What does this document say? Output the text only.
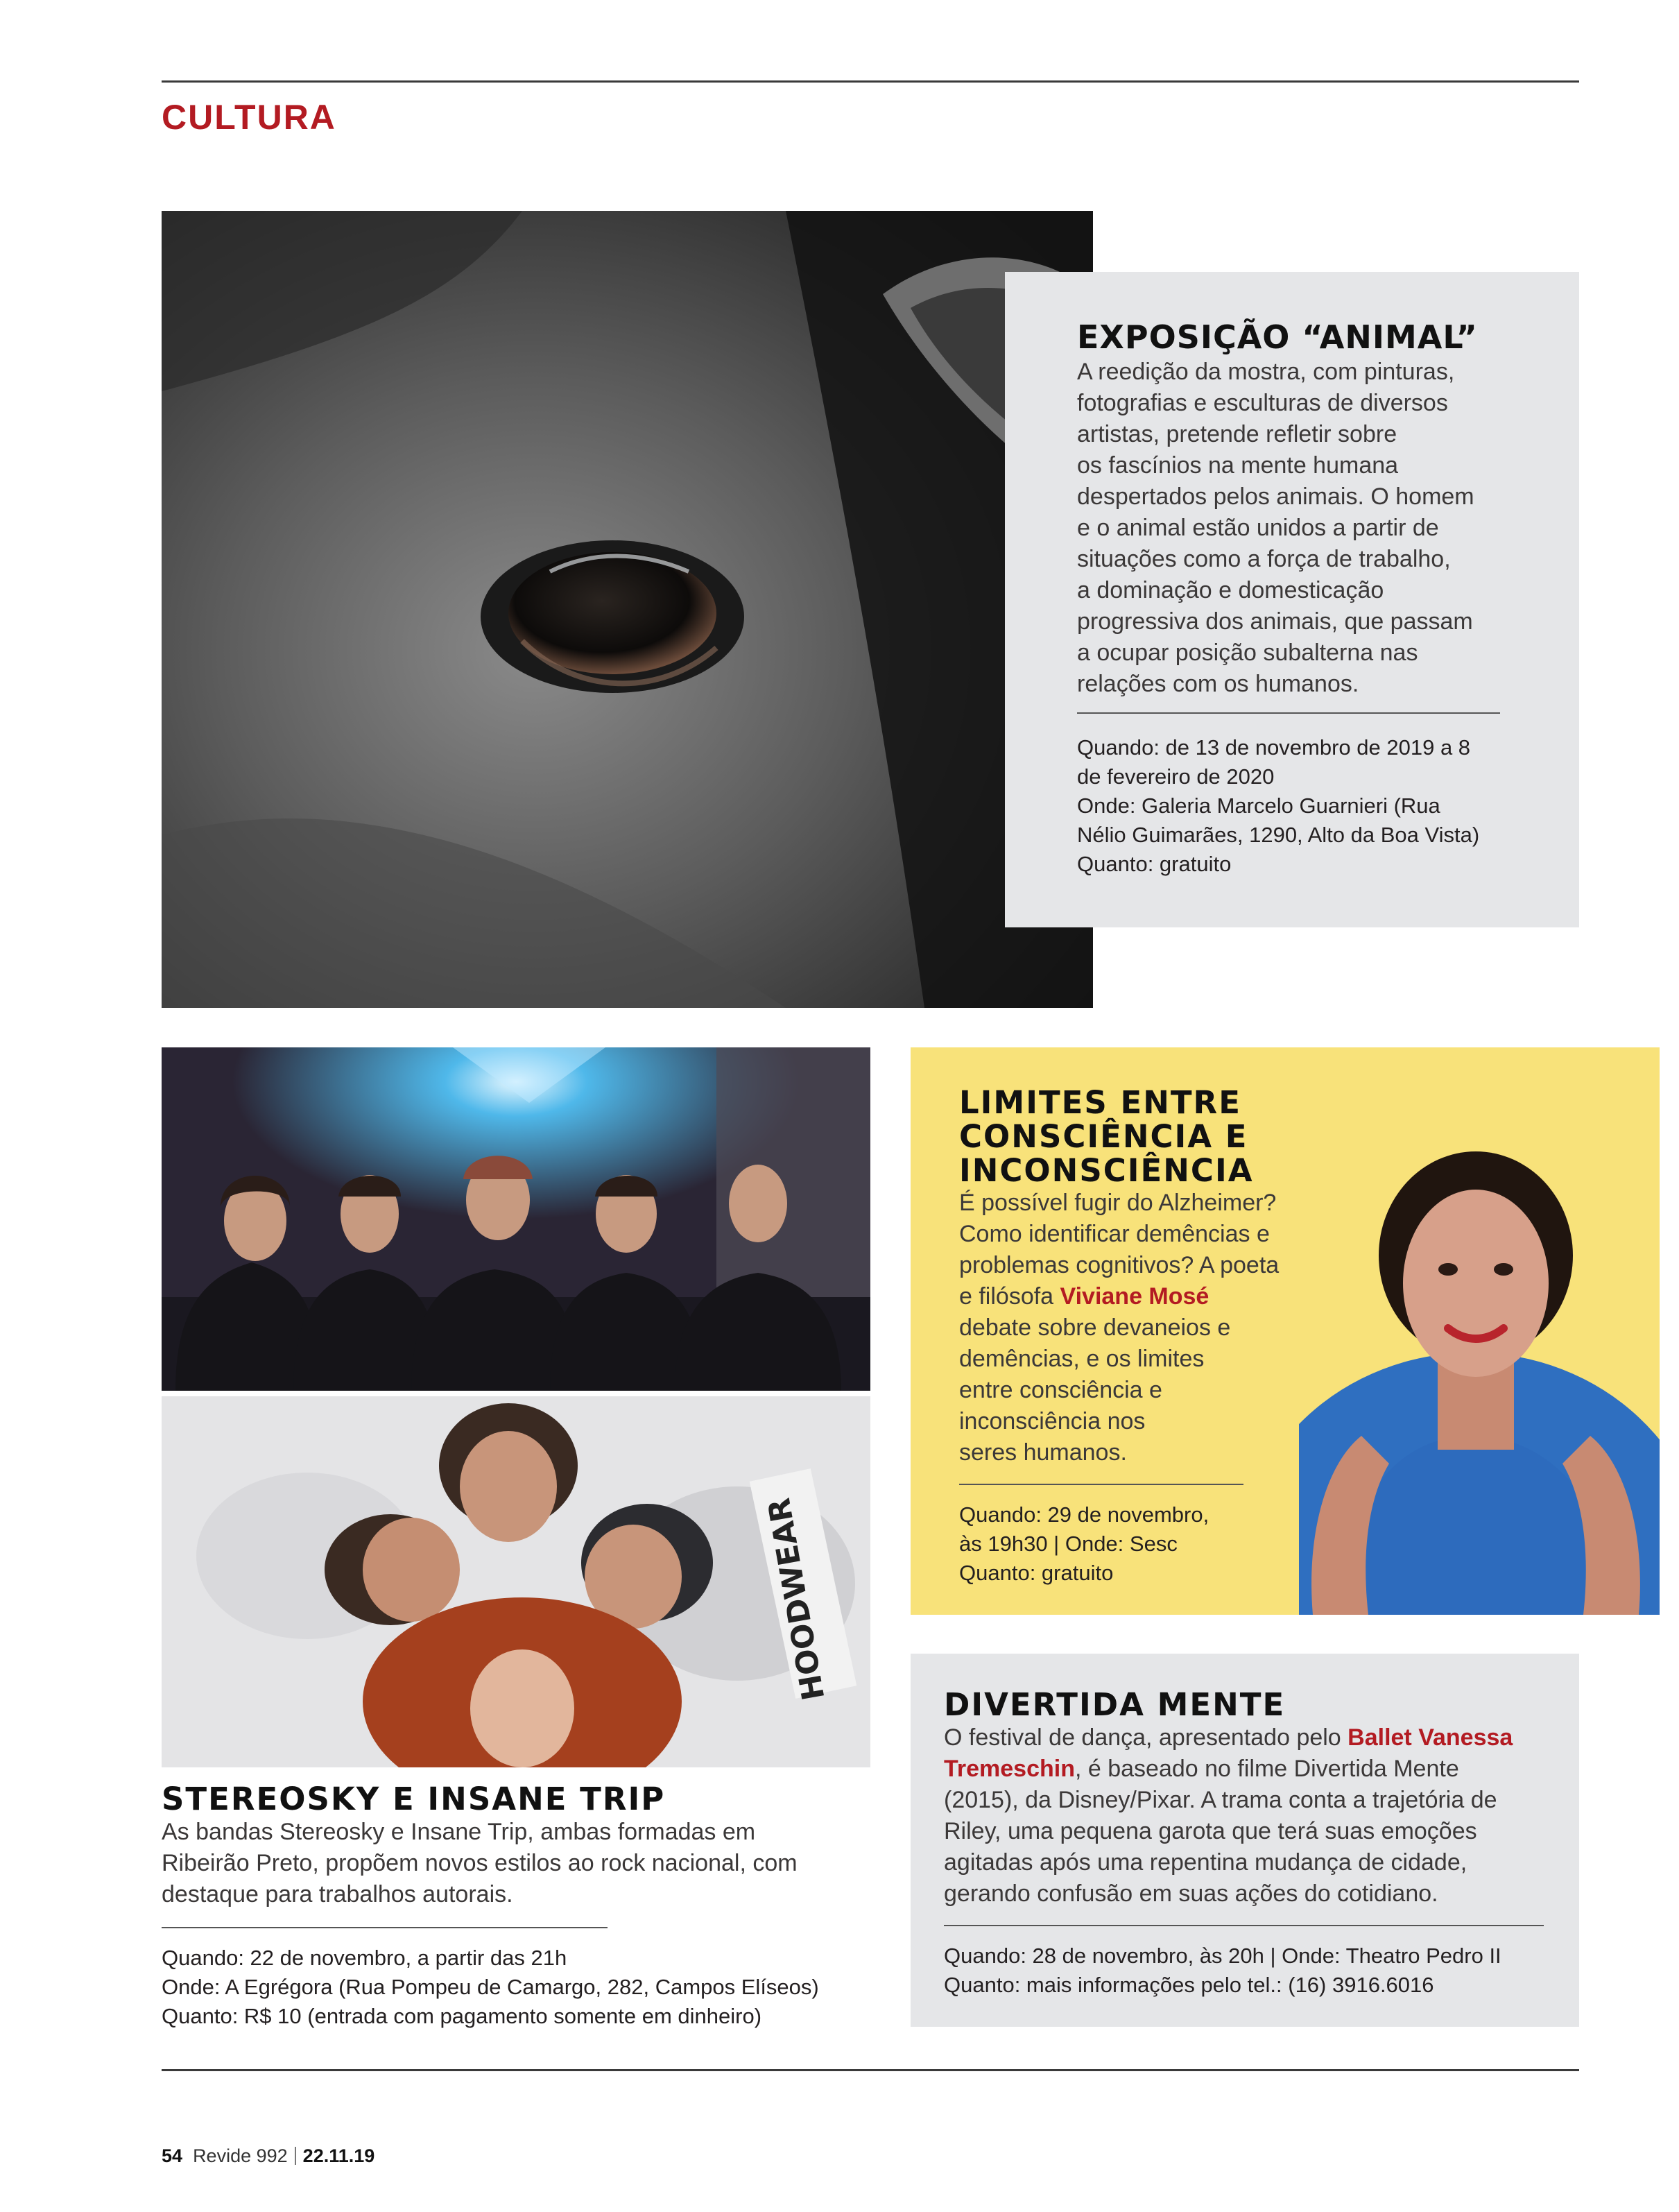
CULTURA
EXPOSIÇÃO “ANIMAL”
A reedição da mostra, com pinturas,
fotografias e esculturas de diversos
artistas, pretende refletir sobre
os fascínios na mente humana
despertados pelos animais. O homem
e o animal estão unidos a partir de
situações como a força de trabalho,
a dominação e domesticação
progressiva dos animais, que passam
a ocupar posição subalterna nas
relações com os humanos.
Quando: de 13 de novembro de 2019 a 8
de fevereiro de 2020
Onde: Galeria Marcelo Guarnieri (Rua
Nélio Guimarães, 1290, Alto da Boa Vista)
Quanto: gratuito
HOODWEAR
STEREOSKY E INSANE TRIP
As bandas Stereosky e Insane Trip, ambas formadas em
Ribeirão Preto, propõem novos estilos ao rock nacional, com
destaque para trabalhos autorais.
Quando: 22 de novembro, a partir das 21h
Onde: A Egrégora (Rua Pompeu de Camargo, 282, Campos Elíseos)
Quanto: R$ 10 (entrada com pagamento somente em dinheiro)
LIMITES ENTRE
CONSCIÊNCIA E
INCONSCIÊNCIA
É possível fugir do Alzheimer?
Como identificar demências e
problemas cognitivos? A poeta
e filósofa Viviane Mosé
debate sobre devaneios e
demências, e os limites
entre consciência e
inconsciência nos
seres humanos.
Quando: 29 de novembro,
às 19h30 | Onde: Sesc
Quanto: gratuito
DIVERTIDA MENTE
O festival de dança, apresentado pelo Ballet Vanessa
Tremeschin, é baseado no filme Divertida Mente
(2015), da Disney/Pixar. A trama conta a trajetória de
Riley, uma pequena garota que terá suas emoções
agitadas após uma repentina mudança de cidade,
gerando confusão em suas ações do cotidiano.
Quando: 28 de novembro, às 20h | Onde: Theatro Pedro II
Quanto: mais informações pelo tel.: (16) 3916.6016
54 Revide 992 22.11.19
